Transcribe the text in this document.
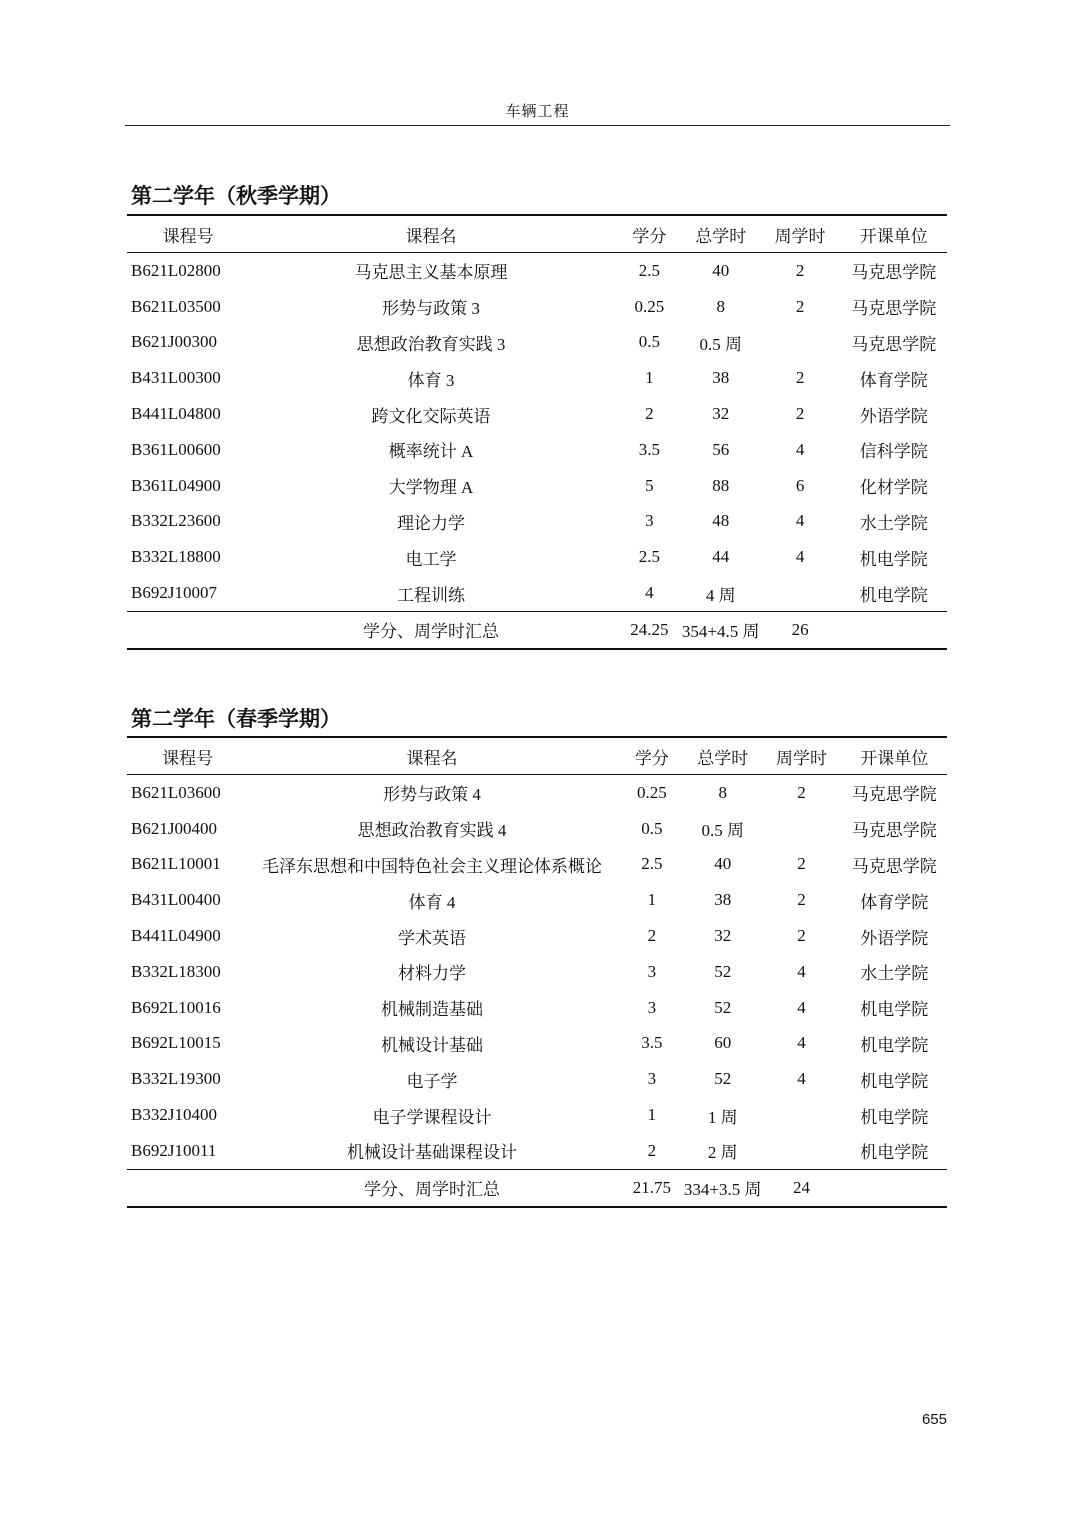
车辆工程
第二学年（秋季学期）
课程号	课程名	学分	总学时	周学时	开课单位
B621L02800	马克思主义基本原理	2.5	40	2	马克思学院
B621L03500	形势与政策 3	0.25	8	2	马克思学院
B621J00300	思想政治教育实践 3	0.5	0.5 周		马克思学院
B431L00300	体育 3	1	38	2	体育学院
B441L04800	跨文化交际英语	2	32	2	外语学院
B361L00600	概率统计 A	3.5	56	4	信科学院
B361L04900	大学物理 A	5	88	6	化材学院
B332L23600	理论力学	3	48	4	水土学院
B332L18800	电工学	2.5	44	4	机电学院
B692J10007	工程训练	4	4 周		机电学院
	学分、周学时汇总	24.25	354+4.5 周	26	
第二学年（春季学期）
课程号	课程名	学分	总学时	周学时	开课单位
B621L03600	形势与政策 4	0.25	8	2	马克思学院
B621J00400	思想政治教育实践 4	0.5	0.5 周		马克思学院
B621L10001	毛泽东思想和中国特色社会主义理论体系概论	2.5	40	2	马克思学院
B431L00400	体育 4	1	38	2	体育学院
B441L04900	学术英语	2	32	2	外语学院
B332L18300	材料力学	3	52	4	水土学院
B692L10016	机械制造基础	3	52	4	机电学院
B692L10015	机械设计基础	3.5	60	4	机电学院
B332L19300	电子学	3	52	4	机电学院
B332J10400	电子学课程设计	1	1 周		机电学院
B692J10011	机械设计基础课程设计	2	2 周		机电学院
	学分、周学时汇总	21.75	334+3.5 周	24	
655
